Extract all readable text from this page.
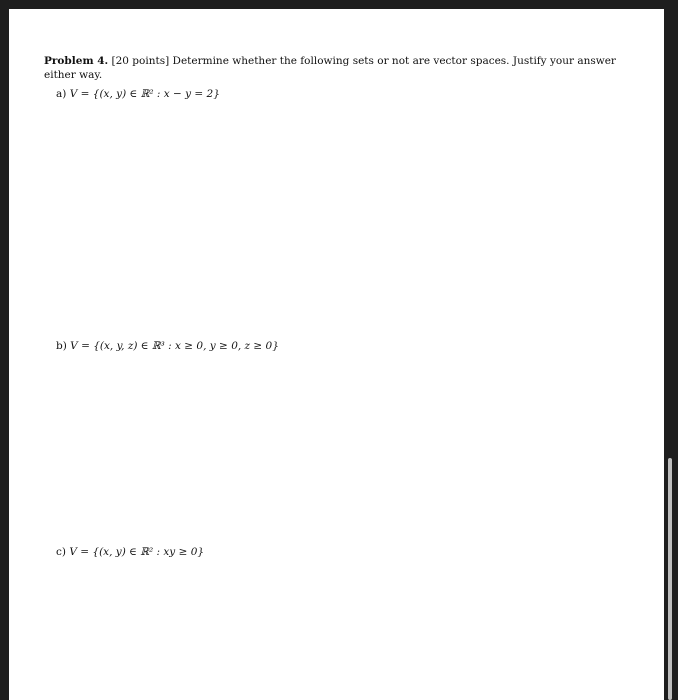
Problem 4. [20 points] Determine whether the following sets or not are vector spaces. Justify your answer either way.
a) V = {(x, y) ∈ ℝ² : x − y = 2}
b) V = {(x, y, z) ∈ ℝ³ : x ≥ 0, y ≥ 0, z ≥ 0}
c) V = {(x, y) ∈ ℝ² : xy ≥ 0}
